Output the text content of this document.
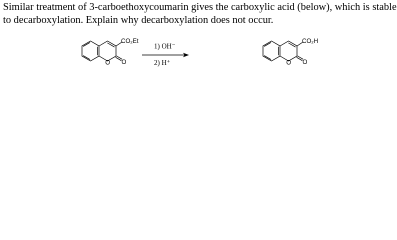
Similar treatment of 3-carboethoxycoumarin gives the carboxylic acid (below), which is stable
to decarboxylation. Explain why decarboxylation does not occur.

CO₂Et
O
O
1) OH⁻
2) H⁺
CO₂H
O
O
